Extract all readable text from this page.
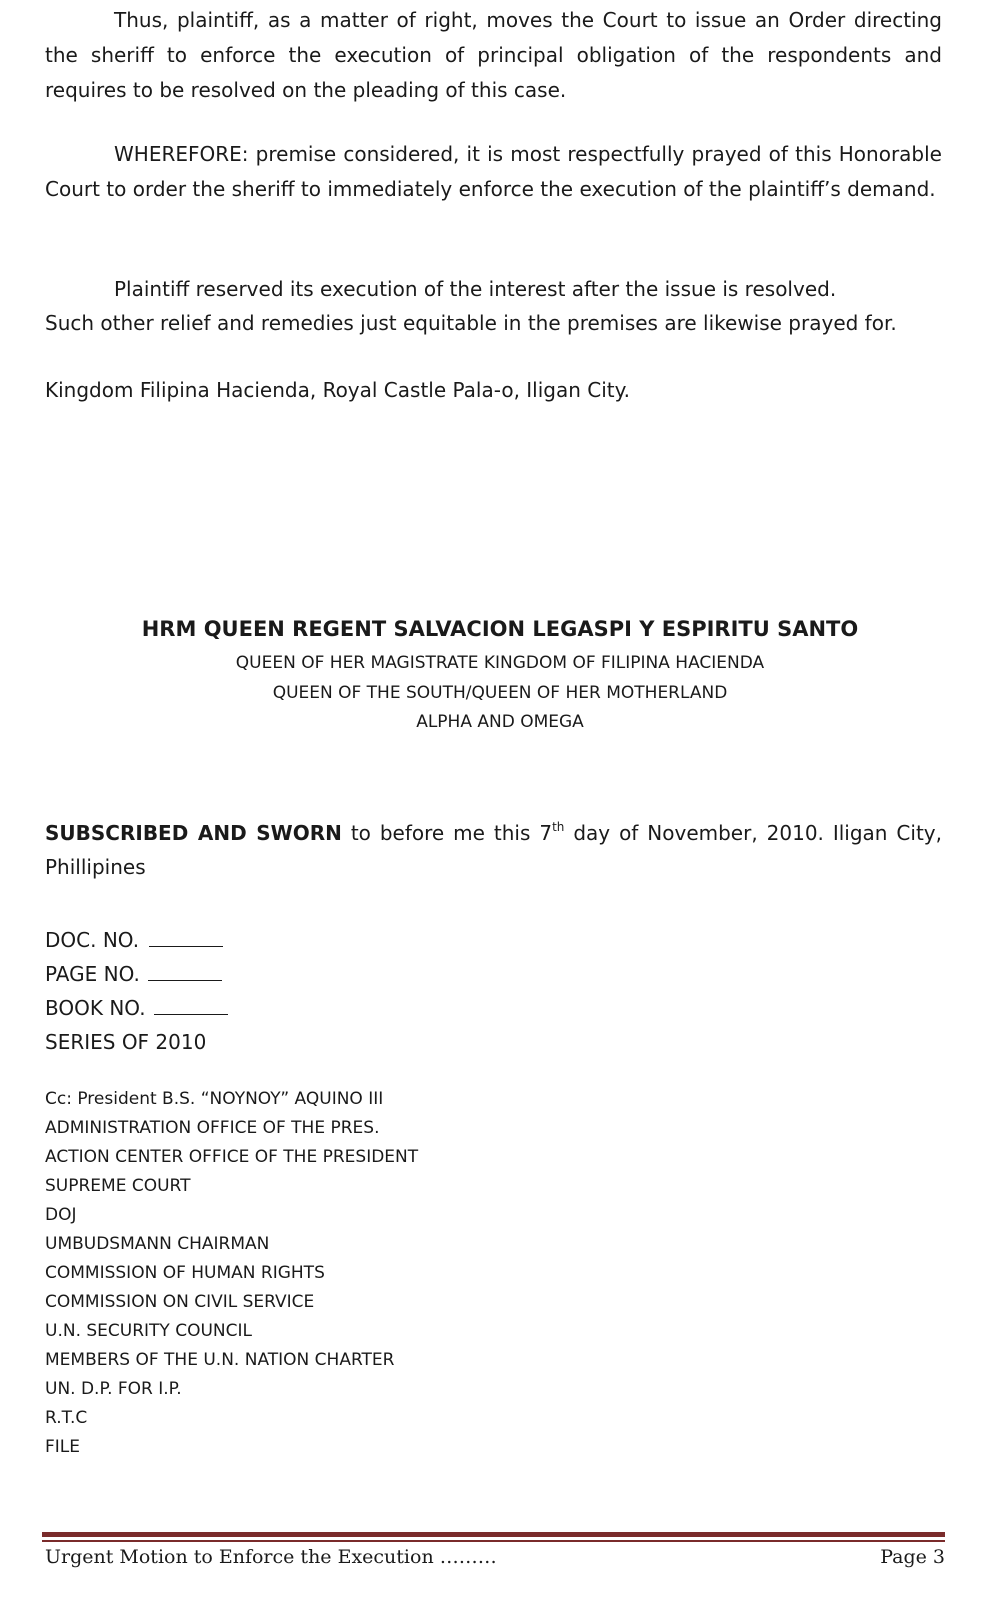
Thus, plaintiff, as a matter of right, moves the Court to issue an Order directing the sheriff to enforce the execution of principal obligation of the respondents and requires to be resolved on the pleading of this case.

WHEREFORE: premise considered, it is most respectfully prayed of this Honorable Court to order the sheriff to immediately enforce the execution of the plaintiff’s demand.

Plaintiff reserved its execution of the interest after the issue is resolved.

Such other relief and remedies just equitable in the premises are likewise prayed for.

Kingdom Filipina Hacienda, Royal Castle Pala-o, Iligan City.

HRM QUEEN REGENT SALVACION LEGASPI Y ESPIRITU SANTO
QUEEN OF HER MAGISTRATE KINGDOM OF FILIPINA HACIENDA
QUEEN OF THE SOUTH/QUEEN OF HER MOTHERLAND
ALPHA AND OMEGA
SUBSCRIBED AND SWORN to before me this 7th day of November, 2010. Iligan City,
Phillipines
DOC. NO.
PAGE NO.
BOOK NO.
SERIES OF 2010
Cc: President B.S. “NOYNOY” AQUINO III
ADMINISTRATION OFFICE OF THE PRES.
ACTION CENTER OFFICE OF THE PRESIDENT
SUPREME COURT
DOJ
UMBUDSMANN CHAIRMAN
COMMISSION OF HUMAN RIGHTS
COMMISSION ON CIVIL SERVICE
U.N. SECURITY COUNCIL
MEMBERS OF THE U.N. NATION CHARTER
UN. D.P. FOR I.P.
R.T.C
FILE
Urgent Motion to Enforce the Execution ………	Page 3
